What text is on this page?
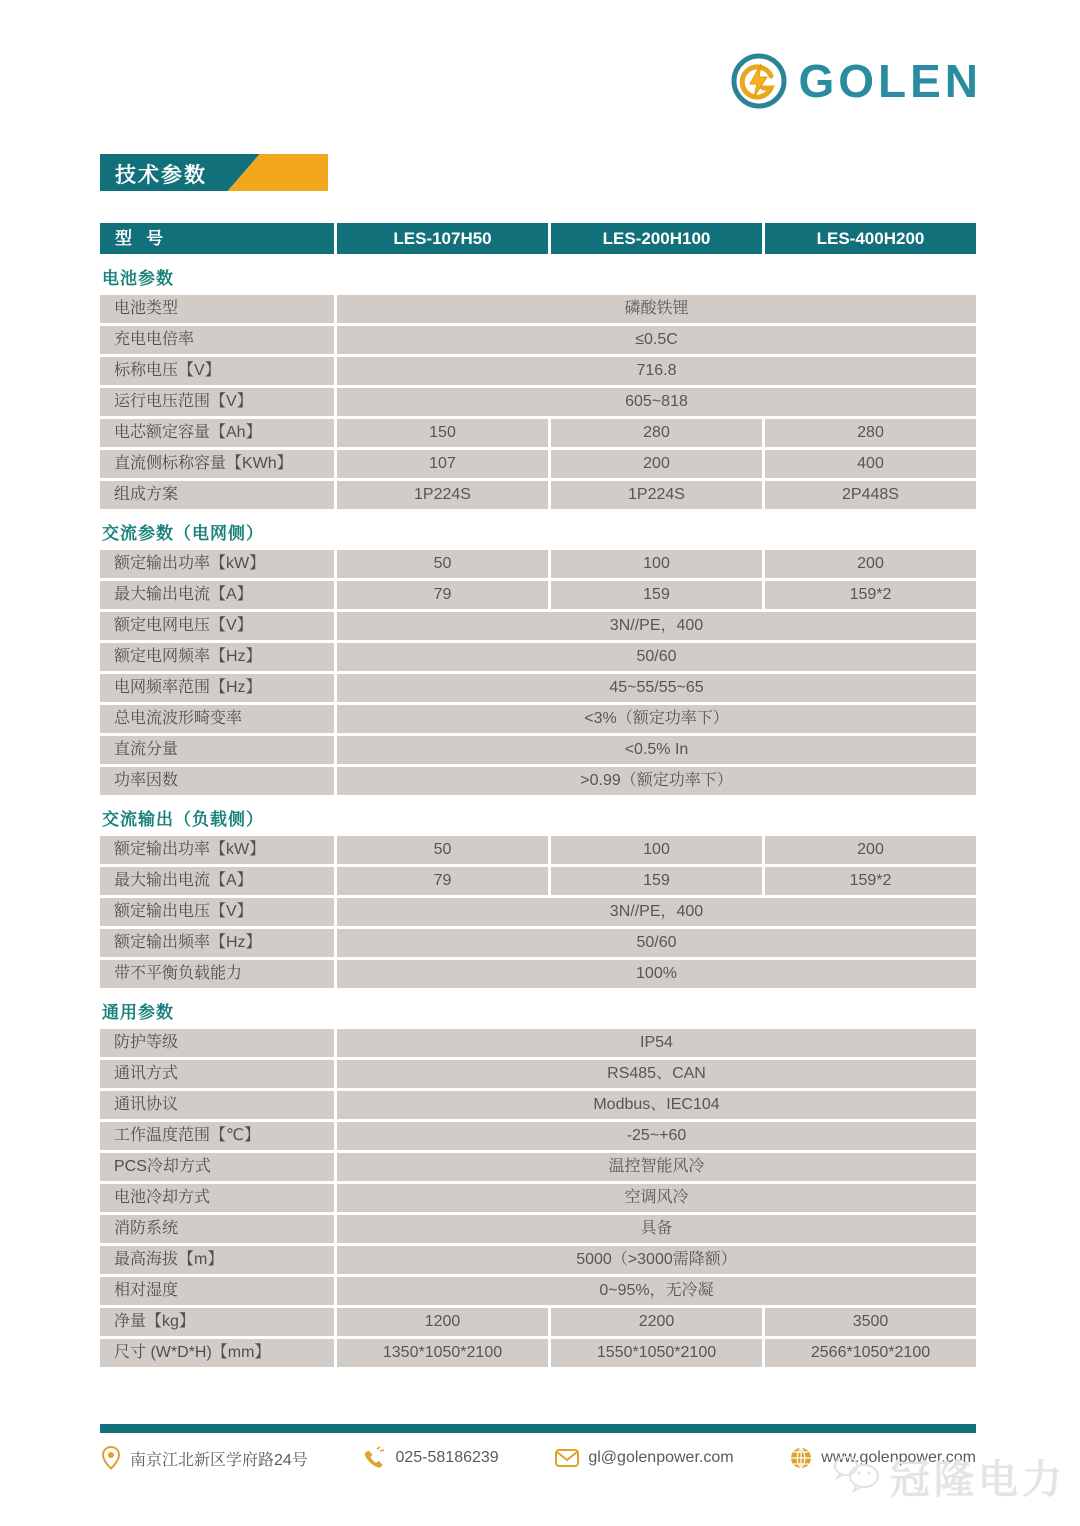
GOLEN
技术参数
型   号	LES-107H50	LES-200H100	LES-400H200
电池参数
电池类型	磷酸铁锂
充电电倍率	≤0.5C
标称电压【V】	716.8
运行电压范围【V】	605~818
电芯额定容量【Ah】	150	280	280
直流侧标称容量【KWh】	107	200	400
组成方案	1P224S	1P224S	2P448S
交流参数（电网侧）
额定输出功率【kW】	50	100	200
最大输出电流【A】	79	159	159*2
额定电网电压【V】	3N//PE，400
额定电网频率【Hz】	50/60
电网频率范围【Hz】	45~55/55~65
总电流波形畸变率	<3%（额定功率下）
直流分量	<0.5% In
功率因数	>0.99（额定功率下）
交流输出（负载侧）
额定输出功率【kW】	50	100	200
最大输出电流【A】	79	159	159*2
额定输出电压【V】	3N//PE，400
额定输出频率【Hz】	50/60
带不平衡负载能力	100%
通用参数
防护等级	IP54
通讯方式	RS485、CAN
通讯协议	Modbus、IEC104
工作温度范围【℃】	-25~+60
PCS冷却方式	温控智能风冷
电池冷却方式	空调风冷
消防系统	具备
最高海拔【m】	5000（>3000需降额）
相对湿度	0~95%，无冷凝
净量【kg】	1200	2200	3500
尺寸 (W*D*H)【mm】	1350*1050*2100	1550*1050*2100	2566*1050*2100
南京江北新区学府路24号	025-58186239	gl@golenpower.com	www.golenpower.com
冠隆电力
